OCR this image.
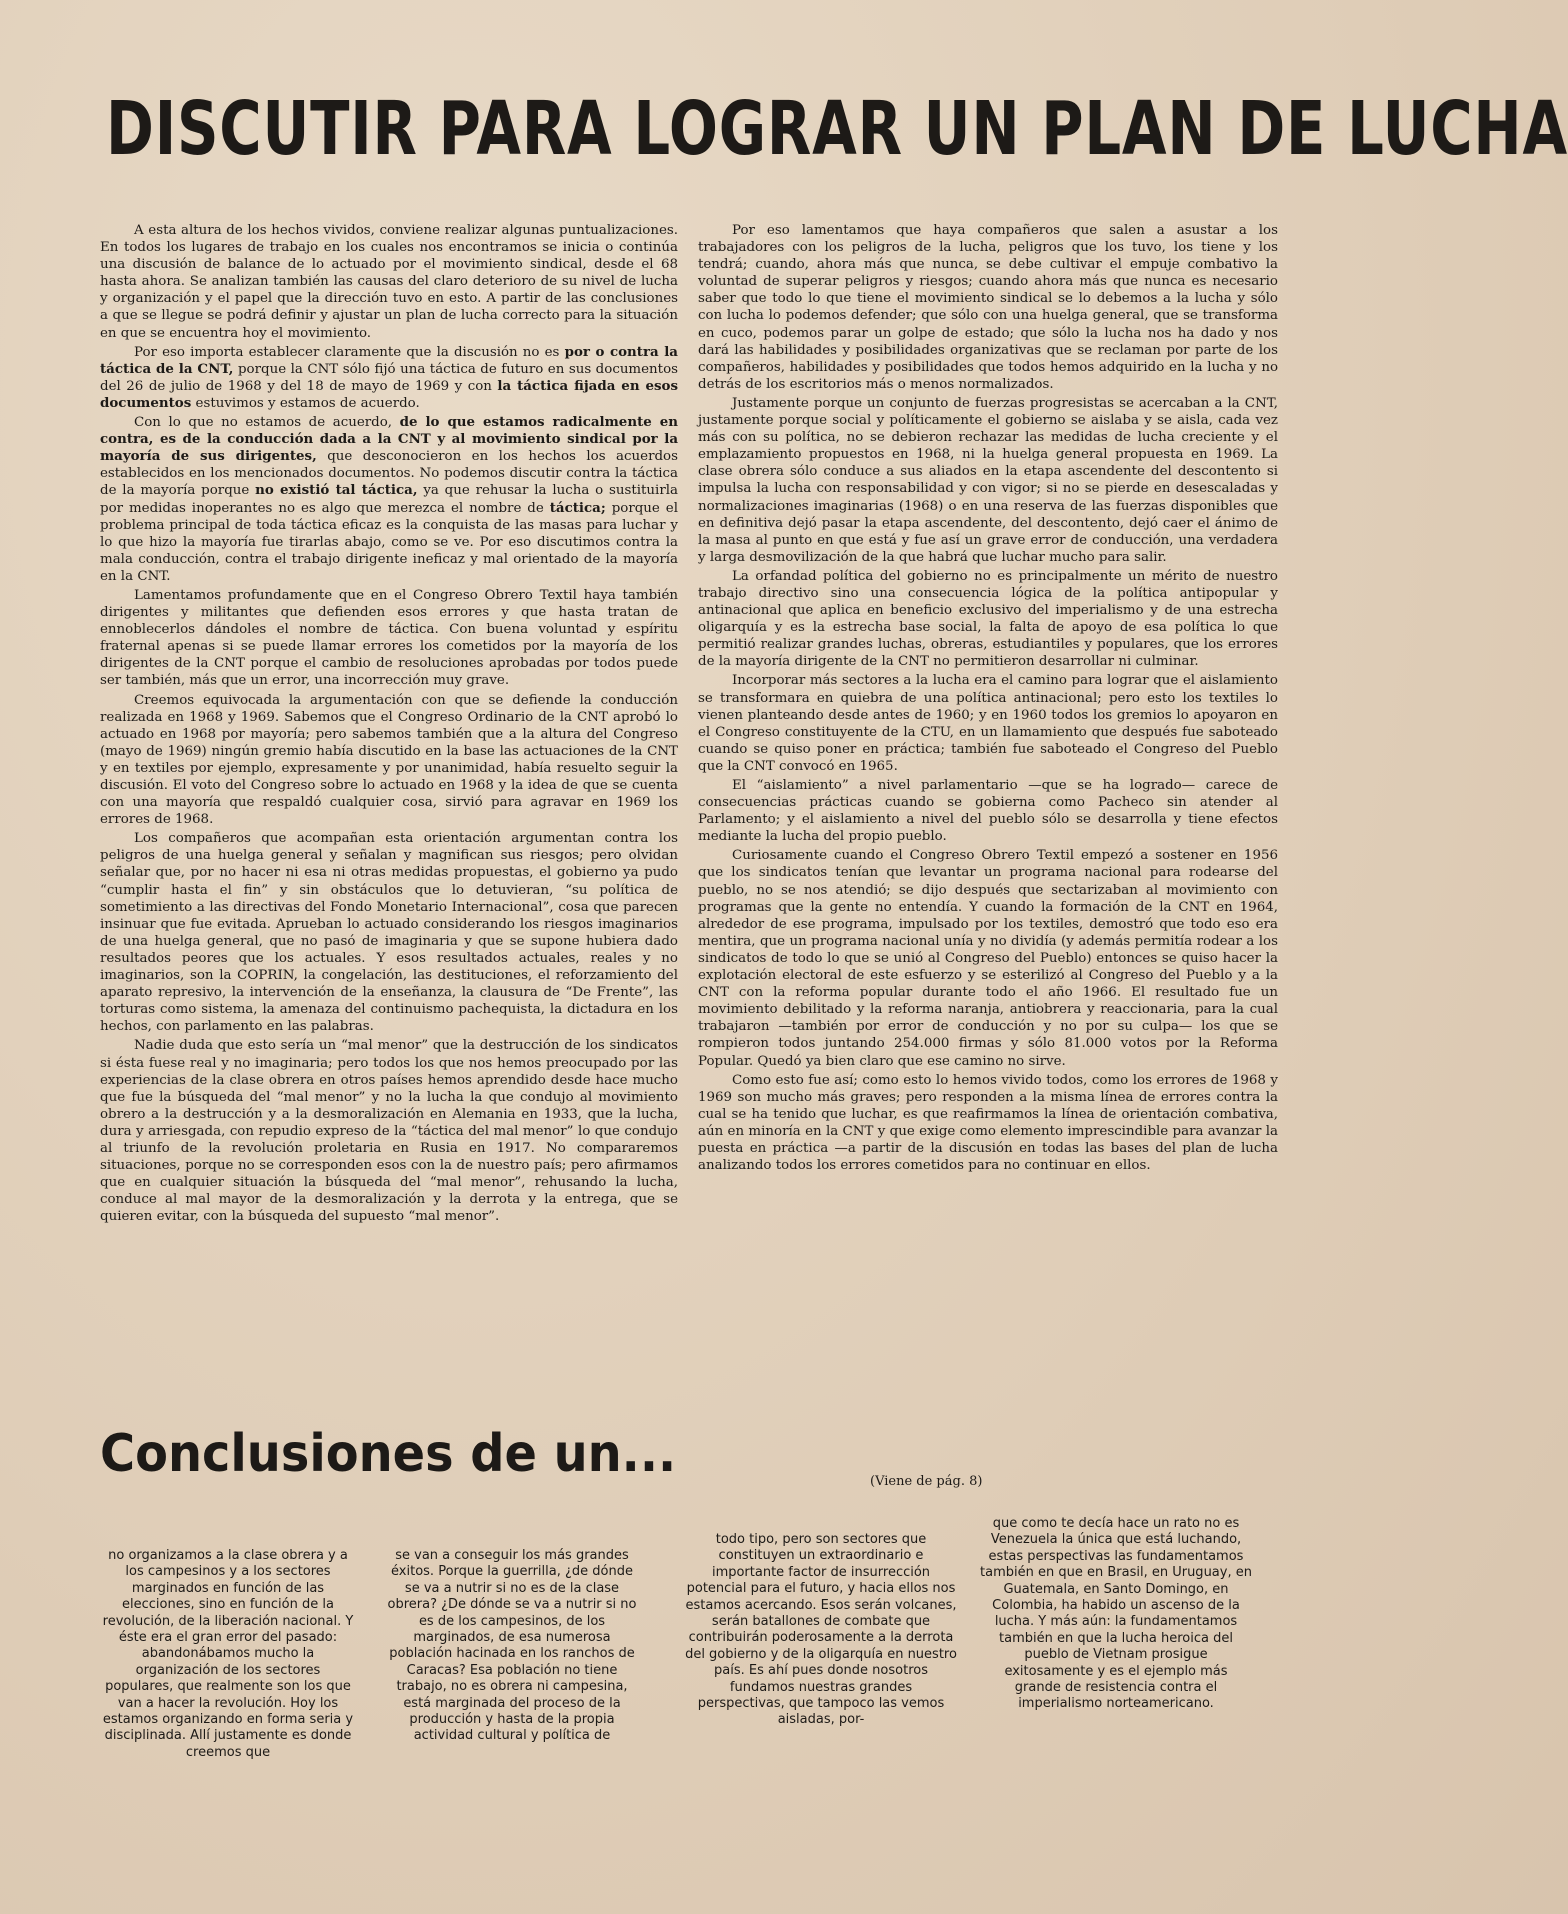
DISCUTIR PARA LOGRAR UN PLAN DE LUCHA

A esta altura de los hechos vividos, conviene realizar algunas puntualizaciones. En todos los lugares de trabajo en los cuales nos encontramos se inicia o continúa una discusión de balance de lo actuado por el movimiento sindical, desde el 68 hasta ahora. Se analizan también las causas del claro deterioro de su nivel de lucha y organización y el papel que la dirección tuvo en esto. A partir de las conclusiones a que se llegue se podrá definir y ajustar un plan de lucha correcto para la situación en que se encuentra hoy el movimiento.

Por eso importa establecer claramente que la discusión no es por o contra la táctica de la CNT, porque la CNT sólo fijó una táctica de futuro en sus documentos del 26 de julio de 1968 y del 18 de mayo de 1969 y con la táctica fijada en esos documentos estuvimos y estamos de acuerdo.

Con lo que no estamos de acuerdo, de lo que estamos radicalmente en contra, es de la conducción dada a la CNT y al movimiento sindical por la mayoría de sus dirigentes, que desconocieron en los hechos los acuerdos establecidos en los mencionados documentos. No podemos discutir contra la táctica de la mayoría porque no existió tal táctica, ya que rehusar la lucha o sustituirla por medidas inoperantes no es algo que merezca el nombre de táctica; porque el problema principal de toda táctica eficaz es la conquista de las masas para luchar y lo que hizo la mayoría fue tirarlas abajo, como se ve. Por eso discutimos contra la mala conducción, contra el trabajo dirigente ineficaz y mal orientado de la mayoría en la CNT.

Lamentamos profundamente que en el Congreso Obrero Textil haya también dirigentes y militantes que defienden esos errores y que hasta tratan de ennoblecerlos dándoles el nombre de táctica. Con buena voluntad y espíritu fraternal apenas si se puede llamar errores los cometidos por la mayoría de los dirigentes de la CNT porque el cambio de resoluciones aprobadas por todos puede ser también, más que un error, una incorrección muy grave.

Creemos equivocada la argumentación con que se defiende la conducción realizada en 1968 y 1969. Sabemos que el Congreso Ordinario de la CNT aprobó lo actuado en 1968 por mayoría; pero sabemos también que a la altura del Congreso (mayo de 1969) ningún gremio había discutido en la base las actuaciones de la CNT y en textiles por ejemplo, expresamente y por unanimidad, había resuelto seguir la discusión. El voto del Congreso sobre lo actuado en 1968 y la idea de que se cuenta con una mayoría que respaldó cualquier cosa, sirvió para agravar en 1969 los errores de 1968.

Los compañeros que acompañan esta orientación argumentan contra los peligros de una huelga general y señalan y magnifican sus riesgos; pero olvidan señalar que, por no hacer ni esa ni otras medidas propuestas, el gobierno ya pudo “cumplir hasta el fin” y sin obstáculos que lo detuvieran, “su política de sometimiento a las directivas del Fondo Monetario Internacional”, cosa que parecen insinuar que fue evitada. Aprueban lo actuado considerando los riesgos imaginarios de una huelga general, que no pasó de imaginaria y que se supone hubiera dado resultados peores que los actuales. Y esos resultados actuales, reales y no imaginarios, son la COPRIN, la congelación, las destituciones, el reforzamiento del aparato represivo, la intervención de la enseñanza, la clausura de “De Frente”, las torturas como sistema, la amenaza del continuismo pachequista, la dictadura en los hechos, con parlamento en las palabras.

Nadie duda que esto sería un “mal menor” que la destrucción de los sindicatos si ésta fuese real y no imaginaria; pero todos los que nos hemos preocupado por las experiencias de la clase obrera en otros países hemos aprendido desde hace mucho que fue la búsqueda del “mal menor” y no la lucha la que condujo al movimiento obrero a la destrucción y a la desmoralización en Alemania en 1933, que la lucha, dura y arriesgada, con repudio expreso de la “táctica del mal menor” lo que condujo al triunfo de la revolución proletaria en Rusia en 1917. No compararemos situaciones, porque no se corresponden esos con la de nuestro país; pero afirmamos que en cualquier situación la búsqueda del “mal menor”, rehusando la lucha, conduce al mal mayor de la desmoralización y la derrota y la entrega, que se quieren evitar, con la búsqueda del supuesto “mal menor”.

Por eso lamentamos que haya compañeros que salen a asustar a los trabajadores con los peligros de la lucha, peligros que los tuvo, los tiene y los tendrá; cuando, ahora más que nunca, se debe cultivar el empuje combativo la voluntad de superar peligros y riesgos; cuando ahora más que nunca es necesario saber que todo lo que tiene el movimiento sindical se lo debemos a la lucha y sólo con lucha lo podemos defender; que sólo con una huelga general, que se transforma en cuco, podemos parar un golpe de estado; que sólo la lucha nos ha dado y nos dará las habilidades y posibilidades organizativas que se reclaman por parte de los compañeros, habilidades y posibilidades que todos hemos adquirido en la lucha y no detrás de los escritorios más o menos normalizados.

Justamente porque un conjunto de fuerzas progresistas se acercaban a la CNT, justamente porque social y políticamente el gobierno se aislaba y se aisla, cada vez más con su política, no se debieron rechazar las medidas de lucha creciente y el emplazamiento propuestos en 1968, ni la huelga general propuesta en 1969. La clase obrera sólo conduce a sus aliados en la etapa ascendente del descontento si impulsa la lucha con responsabilidad y con vigor; si no se pierde en desescaladas y normalizaciones imaginarias (1968) o en una reserva de las fuerzas disponibles que en definitiva dejó pasar la etapa ascendente, del descontento, dejó caer el ánimo de la masa al punto en que está y fue así un grave error de conducción, una verdadera y larga desmovilización de la que habrá que luchar mucho para salir.

La orfandad política del gobierno no es principalmente un mérito de nuestro trabajo directivo sino una consecuencia lógica de la política antipopular y antinacional que aplica en beneficio exclusivo del imperialismo y de una estrecha oligarquía y es la estrecha base social, la falta de apoyo de esa política lo que permitió realizar grandes luchas, obreras, estudiantiles y populares, que los errores de la mayoría dirigente de la CNT no permitieron desarrollar ni culminar.

Incorporar más sectores a la lucha era el camino para lograr que el aislamiento se transformara en quiebra de una política antinacional; pero esto los textiles lo vienen planteando desde antes de 1960; y en 1960 todos los gremios lo apoyaron en el Congreso constituyente de la CTU, en un llamamiento que después fue saboteado cuando se quiso poner en práctica; también fue saboteado el Congreso del Pueblo que la CNT convocó en 1965.

El “aislamiento” a nivel parlamentario —que se ha logrado— carece de consecuencias prácticas cuando se gobierna como Pacheco sin atender al Parlamento; y el aislamiento a nivel del pueblo sólo se desarrolla y tiene efectos mediante la lucha del propio pueblo.

Curiosamente cuando el Congreso Obrero Textil empezó a sostener en 1956 que los sindicatos tenían que levantar un programa nacional para rodearse del pueblo, no se nos atendió; se dijo después que sectarizaban al movimiento con programas que la gente no entendía. Y cuando la formación de la CNT en 1964, alrededor de ese programa, impulsado por los textiles, demostró que todo eso era mentira, que un programa nacional unía y no dividía (y además permitía rodear a los sindicatos de todo lo que se unió al Congreso del Pueblo) entonces se quiso hacer la explotación electoral de este esfuerzo y se esterilizó al Congreso del Pueblo y a la CNT con la reforma popular durante todo el año 1966. El resultado fue un movimiento debilitado y la reforma naranja, antiobrera y reaccionaria, para la cual trabajaron —también por error de conducción y no por su culpa— los que se rompieron todos juntando 254.000 firmas y sólo 81.000 votos por la Reforma Popular. Quedó ya bien claro que ese camino no sirve.

Como esto fue así; como esto lo hemos vivido todos, como los errores de 1968 y 1969 son mucho más graves; pero responden a la misma línea de errores contra la cual se ha tenido que luchar, es que reafirmamos la línea de orientación combativa, aún en minoría en la CNT y que exige como elemento imprescindible para avanzar la puesta en práctica —a partir de la discusión en todas las bases del plan de lucha analizando todos los errores cometidos para no continuar en ellos.

Conclusiones de un...	(Viene de pág. 8)

no organizamos a la clase obrera y a los campesinos y a los sectores marginados en función de las elecciones, sino en función de la revolución, de la liberación nacional. Y éste era el gran error del pasado: abandonábamos mucho la organización de los sectores populares, que realmente son los que van a hacer la revolución. Hoy los estamos organizando en forma seria y disciplinada. Allí justamente es donde creemos que

se van a conseguir los más grandes éxitos. Porque la guerrilla, ¿de dónde se va a nutrir si no es de la clase obrera? ¿De dónde se va a nutrir si no es de los campesinos, de los marginados, de esa numerosa población hacinada en los ranchos de Caracas? Esa población no tiene trabajo, no es obrera ni campesina, está marginada del proceso de la producción y hasta de la propia actividad cultural y política de

todo tipo, pero son sectores que constituyen un extraordinario e importante factor de insurrección potencial para el futuro, y hacia ellos nos estamos acercando. Esos serán volcanes, serán batallones de combate que contribuirán poderosamente a la derrota del gobierno y de la oligarquía en nuestro país. Es ahí pues donde nosotros fundamos nuestras grandes perspectivas, que tampoco las vemos aisladas, por-

que como te decía hace un rato no es Venezuela la única que está luchando, estas perspectivas las fundamentamos también en que en Brasil, en Uruguay, en Guatemala, en Santo Domingo, en Colombia, ha habido un ascenso de la lucha. Y más aún: la fundamentamos también en que la lucha heroica del pueblo de Vietnam prosigue exitosamente y es el ejemplo más grande de resistencia contra el imperialismo norteamericano.
